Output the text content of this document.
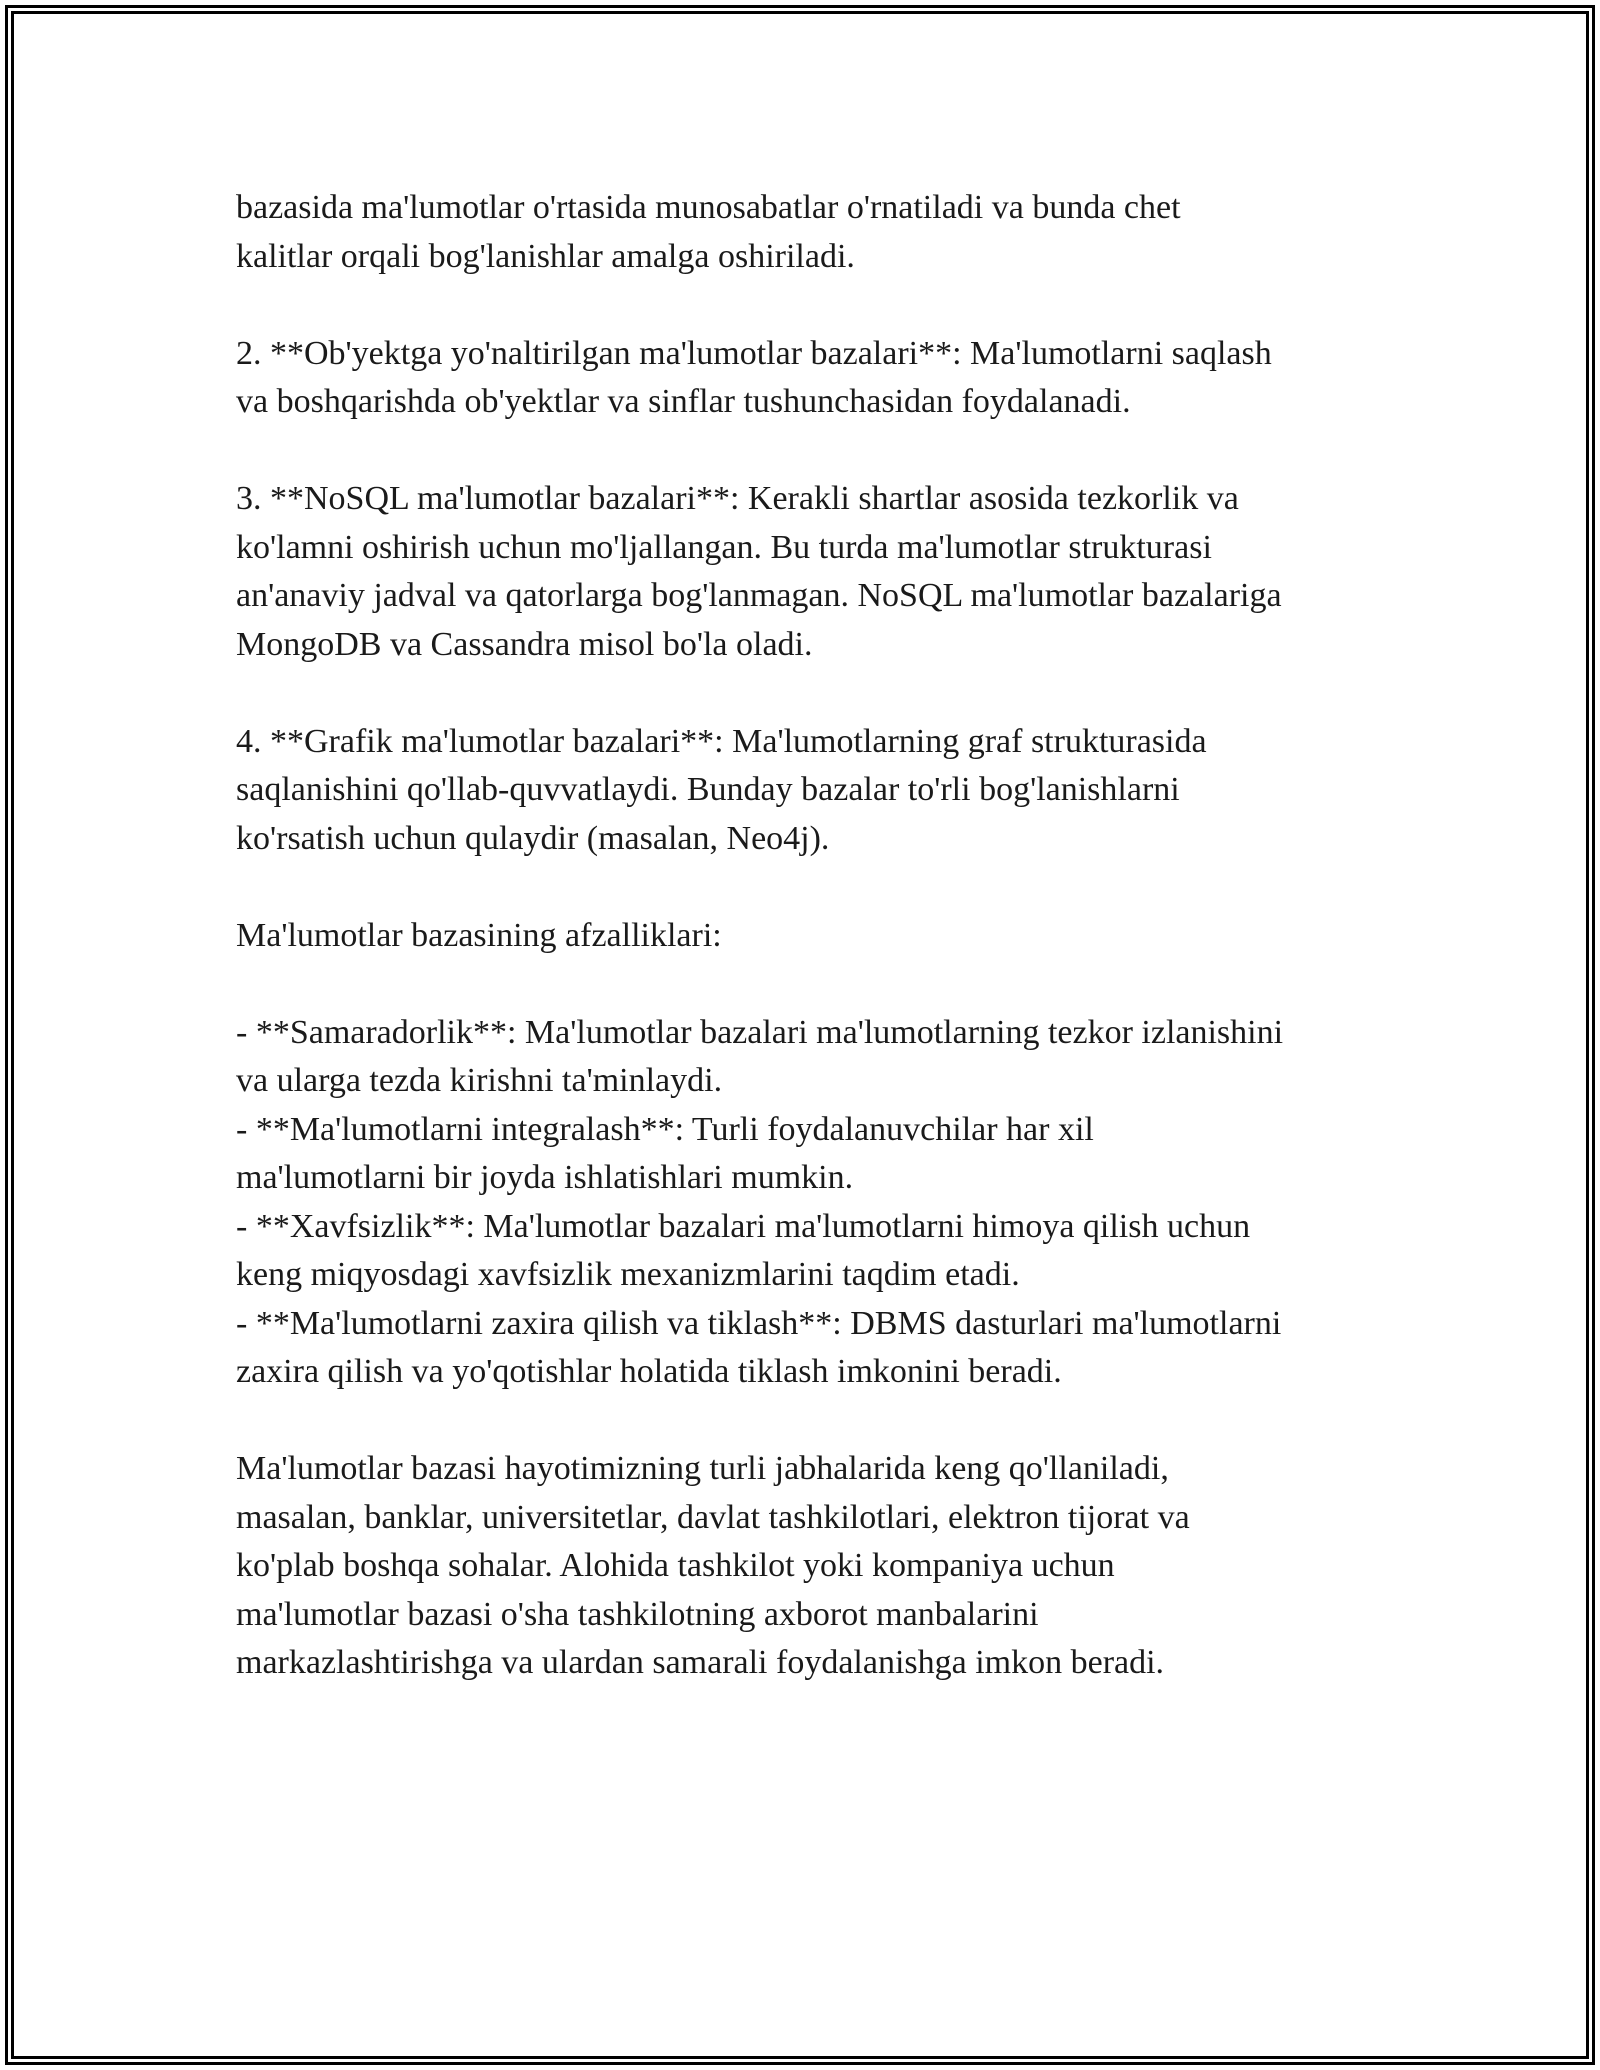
bazasida ma'lumotlar o'rtasida munosabatlar o'rnatiladi va bunda chet
kalitlar orqali bog'lanishlar amalga oshiriladi.
2. **Ob'yektga yo'naltirilgan ma'lumotlar bazalari**: Ma'lumotlarni saqlash
va boshqarishda ob'yektlar va sinflar tushunchasidan foydalanadi.
3. **NoSQL ma'lumotlar bazalari**: Kerakli shartlar asosida tezkorlik va
ko'lamni oshirish uchun mo'ljallangan. Bu turda ma'lumotlar strukturasi
an'anaviy jadval va qatorlarga bog'lanmagan. NoSQL ma'lumotlar bazalariga
MongoDB va Cassandra misol bo'la oladi.
4. **Grafik ma'lumotlar bazalari**: Ma'lumotlarning graf strukturasida
saqlanishini qo'llab-quvvatlaydi. Bunday bazalar to'rli bog'lanishlarni
ko'rsatish uchun qulaydir (masalan, Neo4j).
Ma'lumotlar bazasining afzalliklari:
- **Samaradorlik**: Ma'lumotlar bazalari ma'lumotlarning tezkor izlanishini
va ularga tezda kirishni ta'minlaydi.
- **Ma'lumotlarni integralash**: Turli foydalanuvchilar har xil
ma'lumotlarni bir joyda ishlatishlari mumkin.
- **Xavfsizlik**: Ma'lumotlar bazalari ma'lumotlarni himoya qilish uchun
keng miqyosdagi xavfsizlik mexanizmlarini taqdim etadi.
- **Ma'lumotlarni zaxira qilish va tiklash**: DBMS dasturlari ma'lumotlarni
zaxira qilish va yo'qotishlar holatida tiklash imkonini beradi.
Ma'lumotlar bazasi hayotimizning turli jabhalarida keng qo'llaniladi,
masalan, banklar, universitetlar, davlat tashkilotlari, elektron tijorat va
ko'plab boshqa sohalar. Alohida tashkilot yoki kompaniya uchun
ma'lumotlar bazasi o'sha tashkilotning axborot manbalarini
markazlashtirishga va ulardan samarali foydalanishga imkon beradi.
